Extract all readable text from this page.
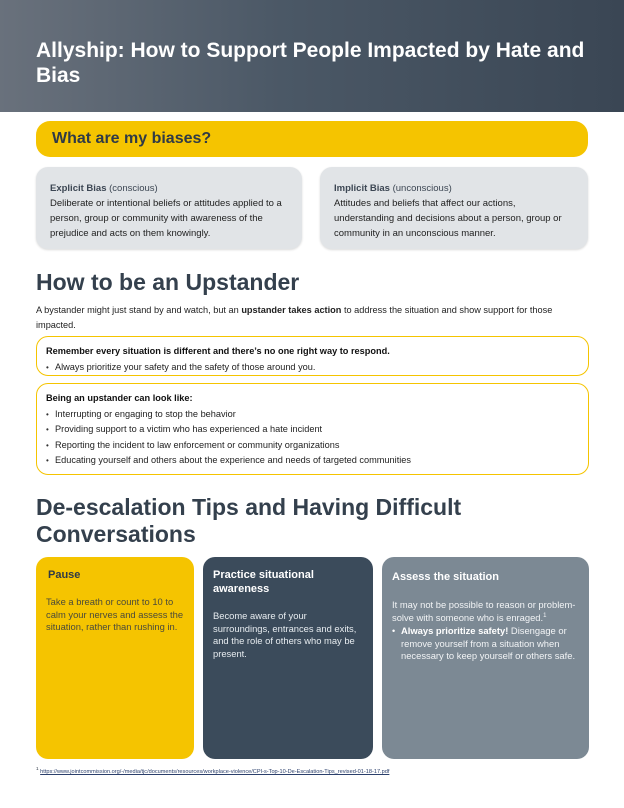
Allyship: How to Support People Impacted by Hate and Bias
What are my biases?
Explicit Bias (conscious)
Deliberate or intentional beliefs or attitudes applied to a person, group or community with awareness of the prejudice and acts on them knowingly.
Implicit Bias (unconscious)
Attitudes and beliefs that affect our actions, understanding and decisions about a person, group or community in an unconscious manner.
How to be an Upstander

A bystander might just stand by and watch, but an upstander takes action to address the situation and show support for those impacted.

Remember every situation is different and there’s no one right way to respond.
• Always prioritize your safety and the safety of those around you.
Being an upstander can look like:
• Interrupting or engaging to stop the behavior
• Providing support to a victim who has experienced a hate incident
• Reporting the incident to law enforcement or community organizations
• Educating yourself and others about the experience and needs of targeted communities
De-escalation Tips and Having Difficult Conversations
Pause
Take a breath or count to 10 to calm your nerves and assess the situation, rather than rushing in.
Practice situational awareness
Become aware of your surroundings, entrances and exits, and the role of others who may be present.
Assess the situation
It may not be possible to reason or problem-solve with someone who is enraged.$^1$
• Always prioritize safety! Disengage or remove yourself from a situation when necessary to keep yourself or others safe.
$^1$ https://www.jointcommission.org/-/media/tjc/documents/resources/workplace-violence/CPI-s-Top-10-De-Escalation-Tips_revised-01-18-17.pdf
